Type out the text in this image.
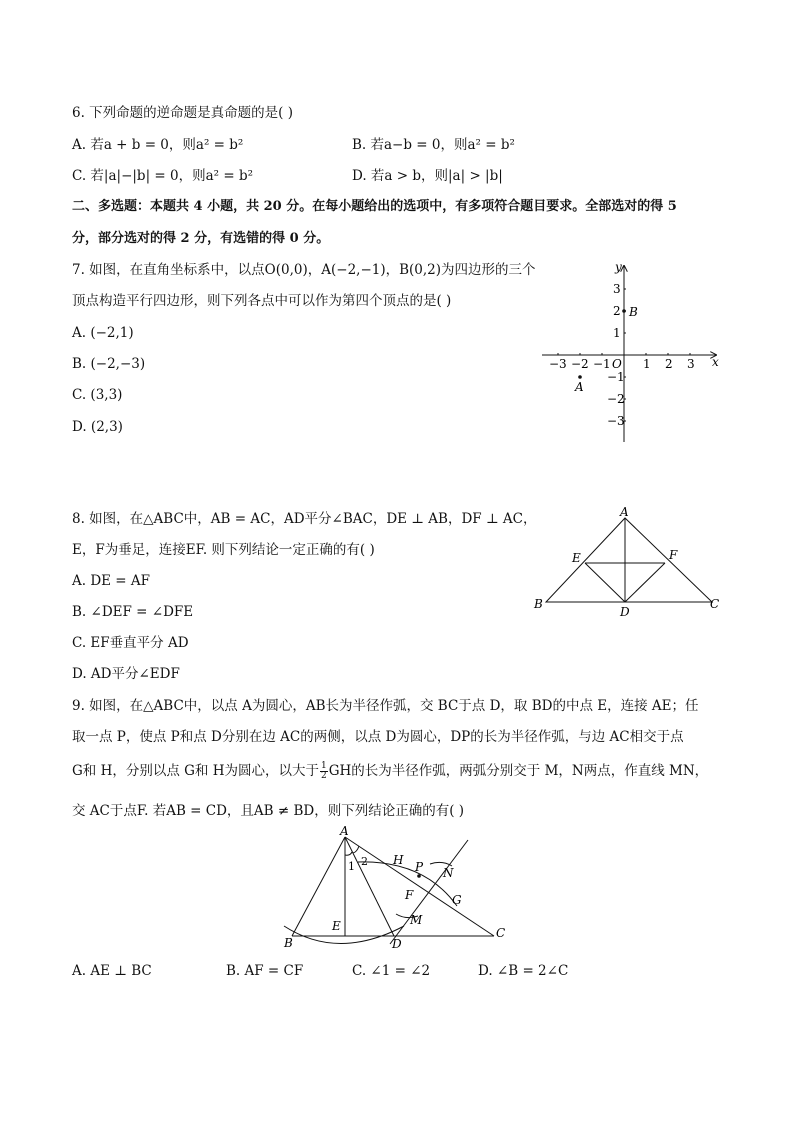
6. 下列命题的逆命题是真命题的是( )
A. 若a + b = 0，则a² = b²	B. 若a−b = 0，则a² = b²
C. 若|a|−|b| = 0，则a² = b²	D. 若a > b，则|a| > |b|
二、多选题：本题共 4 小题，共 20 分。在每小题给出的选项中，有多项符合题目要求。全部选对的得 5
分，部分选对的得 2 分，有选错的得 0 分。
7. 如图，在直角坐标系中，以点O(0,0)，A(−2,−1)，B(0,2)为四边形的三个
顶点构造平行四边形，则下列各点中可以作为第四个顶点的是( )
A. (−2,1)
B. (−2,−3)
C. (3,3)
D. (2,3)
x
y
O
−3 −2 −1	1 2 3
3
2
1
−1
−2
−3
A
B
8. 如图，在△ABC中，AB = AC，AD平分∠BAC，DE ⊥ AB，DF ⊥ AC，
E，F为垂足，连接EF. 则下列结论一定正确的有( )
A. DE = AF
B. ∠DEF = ∠DFE
C. EF垂直平分 AD
D. AD平分∠EDF
A
B	C
D
E	F
9. 如图，在△ABC中，以点 A为圆心，AB长为半径作弧，交 BC于点 D，取 BD的中点 E，连接 AE；任
取一点 P，使点 P和点 D分别在边 AC的两侧，以点 D为圆心，DP的长为半径作弧，与边 AC相交于点
G和 H，分别以点 G和 H为圆心，以大于 $\frac{1}{2}$ GH的长为半径作弧，两弧分别交于 M，N两点，作直线 MN，
交 AC于点F. 若AB = CD，且AB ≠ BD，则下列结论正确的有( )
A
B
C
D
E
F	G
H
M
N
P
1 2
A. AE ⊥ BC	B. AF = CF	C. ∠1 = ∠2	D. ∠B = 2∠C
